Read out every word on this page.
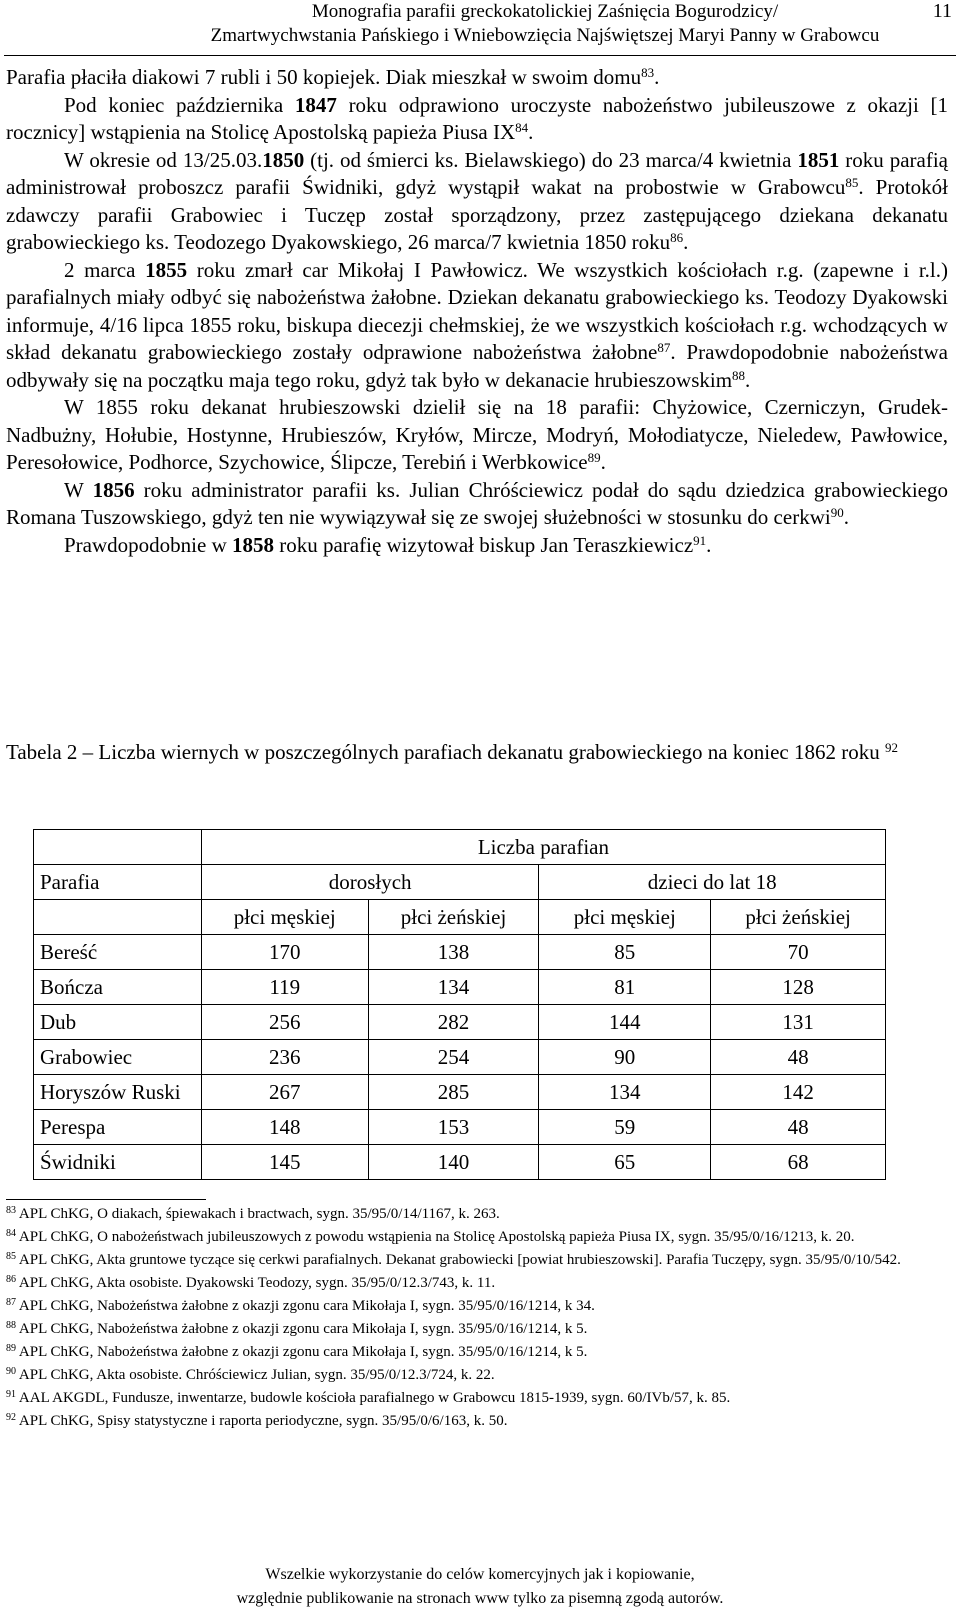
Monografia parafii greckokatolickiej Zaśnięcia Bogurodzicy/
Zmartwychwstania Pańskiego i Wniebowzięcia Najświętszej Maryi Panny w Grabowcu
11

Parafia płaciła diakowi 7 rubli i 50 kopiejek. Diak mieszkał w swoim domu$^{83}$.

Pod koniec października 1847 roku odprawiono uroczyste nabożeństwo jubileuszowe z okazji [1 rocznicy] wstąpienia na Stolicę Apostolską papieża Piusa IX$^{84}$.

W okresie od 13/25.03.1850 (tj. od śmierci ks. Bielawskiego) do 23 marca/4 kwietnia 1851 roku parafią administrował proboszcz parafii Świdniki, gdyż wystąpił wakat na probostwie w Grabowcu$^{85}$. Protokół zdawczy parafii Grabowiec i Tuczęp został sporządzony, przez zastępującego dziekana dekanatu grabowieckiego ks. Teodozego Dyakowskiego, 26 marca/7 kwietnia 1850 roku$^{86}$.

2 marca 1855 roku zmarł car Mikołaj I Pawłowicz. We wszystkich kościołach r.g. (zapewne i r.l.) parafialnych miały odbyć się nabożeństwa żałobne. Dziekan dekanatu grabowieckiego ks. Teodozy Dyakowski informuje, 4/16 lipca 1855 roku, biskupa diecezji chełmskiej, że we wszystkich kościołach r.g. wchodzących w skład dekanatu grabowieckiego zostały odprawione nabożeństwa żałobne$^{87}$. Prawdopodobnie nabożeństwa odbywały się na początku maja tego roku, gdyż tak było w dekanacie hrubieszowskim$^{88}$.

W 1855 roku dekanat hrubieszowski dzielił się na 18 parafii: Chyżowice, Czerniczyn, Grudek-Nadbużny, Hołubie, Hostynne, Hrubieszów, Kryłów, Mircze, Modryń, Mołodiatycze, Nieledew, Pawłowice, Peresołowice, Podhorce, Szychowice, Ślipcze, Terebiń i Werbkowice$^{89}$.

W 1856 roku administrator parafii ks. Julian Chróściewicz podał do sądu dziedzica grabowieckiego Romana Tuszowskiego, gdyż ten nie wywiązywał się ze swojej służebności w stosunku do cerkwi$^{90}$.

Prawdopodobnie w 1858 roku parafię wizytował biskup Jan Teraszkiewicz$^{91}$.

Tabela 2 – Liczba wiernych w poszczególnych parafiach dekanatu grabowieckiego na koniec 1862 roku $^{92}$
	Liczba parafian			
Parafia	dorosłych		dzieci do lat 18	
	płci męskiej	płci żeńskiej	płci męskiej	płci żeńskiej
Bereść	170	138	85	70
Bończa	119	134	81	128
Dub	256	282	144	131
Grabowiec	236	254	90	48
Horyszów Ruski	267	285	134	142
Perespa	148	153	59	48
Świdniki	145	140	65	68
$^{83}$ APL ChKG, O diakach, śpiewakach i bractwach, sygn. 35/95/0/14/1167, k. 263.
$^{84}$ APL ChKG, O nabożeństwach jubileuszowych z powodu wstąpienia na Stolicę Apostolską papieża Piusa IX, sygn. 35/95/0/16/1213, k. 20.
$^{85}$ APL ChKG, Akta gruntowe tyczące się cerkwi parafialnych. Dekanat grabowiecki [powiat hrubieszowski]. Parafia Tuczępy, sygn. 35/95/0/10/542.
$^{86}$ APL ChKG, Akta osobiste. Dyakowski Teodozy, sygn. 35/95/0/12.3/743, k. 11.
$^{87}$ APL ChKG, Nabożeństwa żałobne z okazji zgonu cara Mikołaja I, sygn. 35/95/0/16/1214, k 34.
$^{88}$ APL ChKG, Nabożeństwa żałobne z okazji zgonu cara Mikołaja I, sygn. 35/95/0/16/1214, k 5.
$^{89}$ APL ChKG, Nabożeństwa żałobne z okazji zgonu cara Mikołaja I, sygn. 35/95/0/16/1214, k 5.
$^{90}$ APL ChKG, Akta osobiste. Chróściewicz Julian, sygn. 35/95/0/12.3/724, k. 22.
$^{91}$ AAL AKGDL, Fundusze, inwentarze, budowle kościoła parafialnego w Grabowcu 1815-1939, sygn. 60/IVb/57, k. 85.
$^{92}$ APL ChKG, Spisy statystyczne i raporta periodyczne, sygn. 35/95/0/6/163, k. 50.
Wszelkie wykorzystanie do celów komercyjnych jak i kopiowanie,
względnie publikowanie na stronach www tylko za pisemną zgodą autorów.
